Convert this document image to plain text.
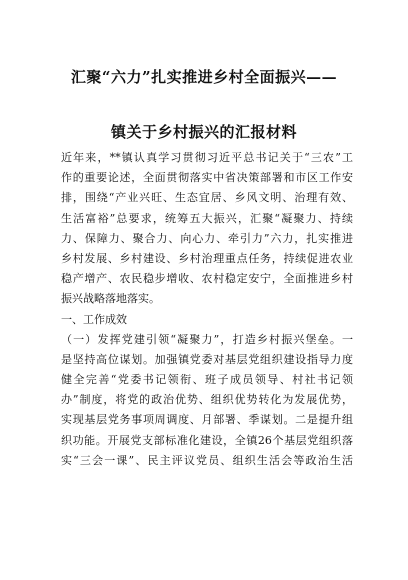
汇聚“六力”扎实推进乡村全面振兴——
镇关于乡村振兴的汇报材料
近年来，**镇认真学习贯彻习近平总书记关于“三农”工
作的重要论述，全面贯彻落实中省决策部署和市区工作安
排，围绕“产业兴旺、生态宜居、乡风文明、治理有效、
生活富裕”总要求，统筹五大振兴，汇聚“凝聚力、持续
力、保障力、聚合力、向心力、牵引力”六力，扎实推进
乡村发展、乡村建设、乡村治理重点任务，持续促进农业
稳产增产、农民稳步增收、农村稳定安宁，全面推进乡村
振兴战略落地落实。
一、工作成效
（一）发挥党建引领“凝聚力”，打造乡村振兴堡垒。一
是坚持高位谋划。加强镇党委对基层党组织建设指导力度
健全完善“党委书记领衔、班子成员领导、村社书记领
办”制度，将党的政治优势、组织优势转化为发展优势，
实现基层党务事项周调度、月部署、季谋划。二是提升组
织功能。开展党支部标准化建设，全镇26个基层党组织落
实“三会一课”、民主评议党员、组织生活会等政治生活
